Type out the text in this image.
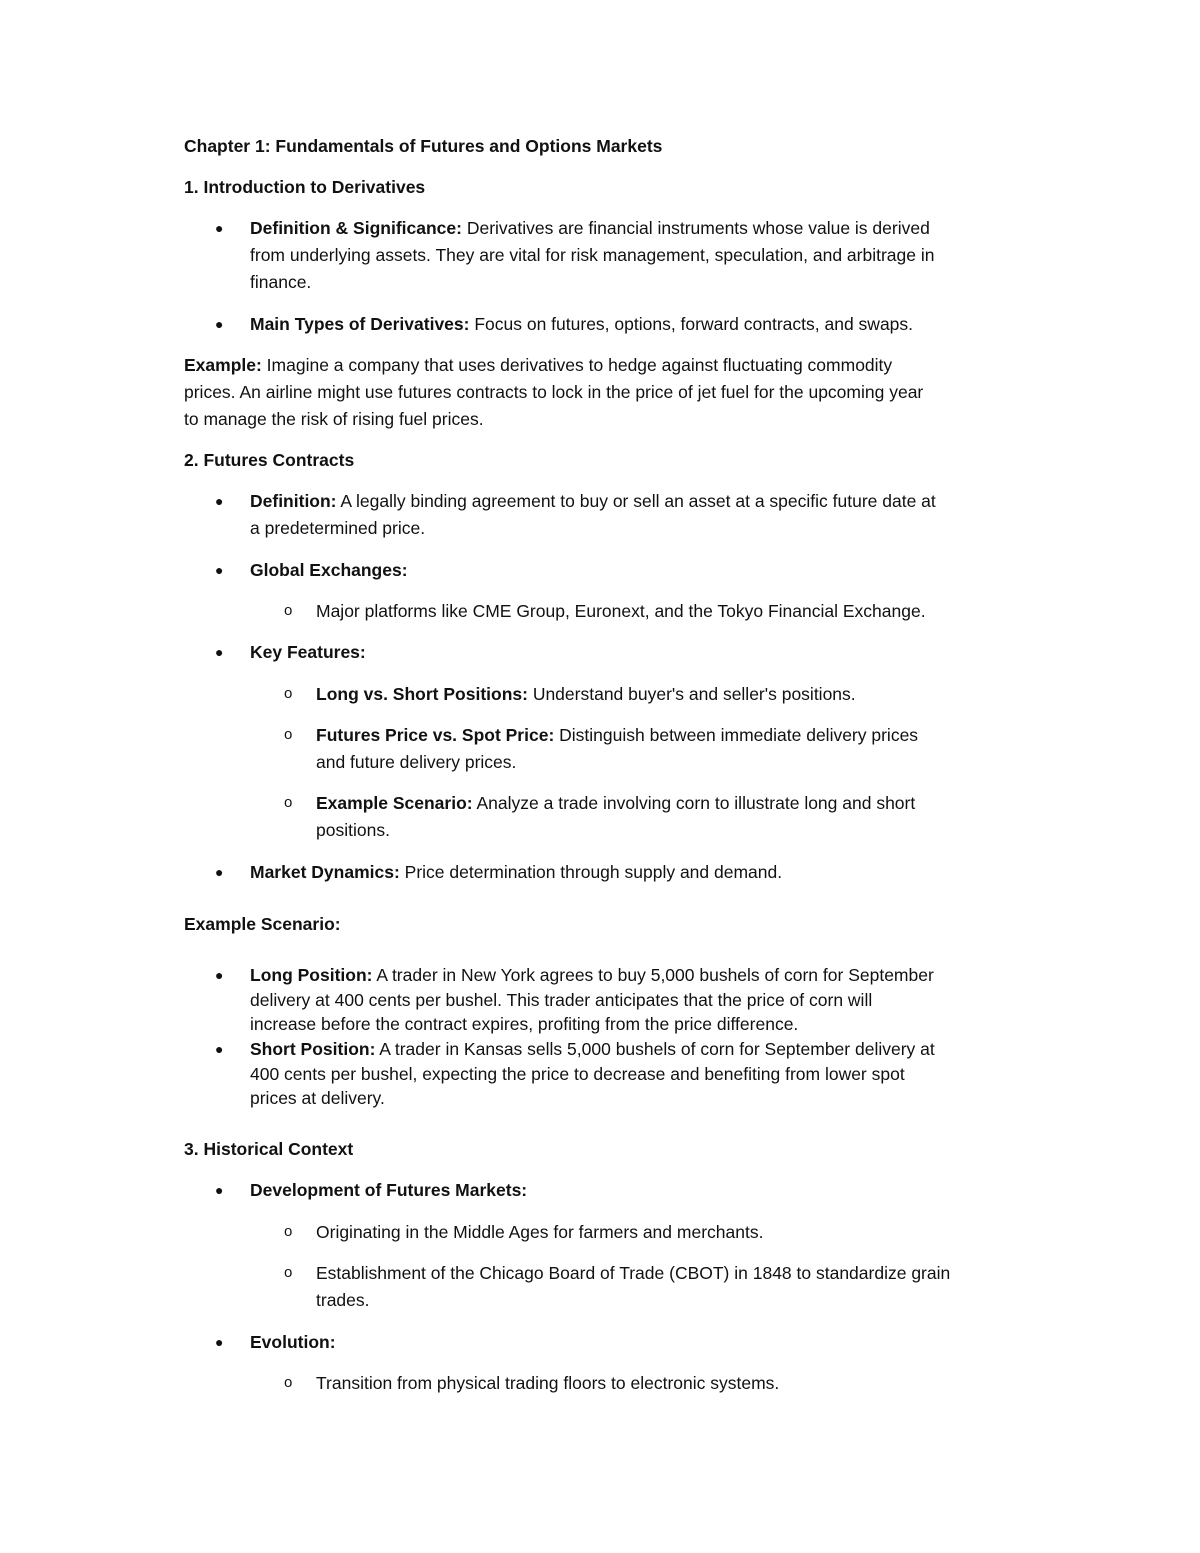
Chapter 1: Fundamentals of Futures and Options Markets
1. Introduction to Derivatives
● Definition & Significance: Derivatives are financial instruments whose value is derived
from underlying assets. They are vital for risk management, speculation, and arbitrage in
finance.
● Main Types of Derivatives: Focus on futures, options, forward contracts, and swaps.
Example: Imagine a company that uses derivatives to hedge against fluctuating commodity
prices. An airline might use futures contracts to lock in the price of jet fuel for the upcoming year
to manage the risk of rising fuel prices.
2. Futures Contracts
● Definition: A legally binding agreement to buy or sell an asset at a specific future date at
a predetermined price.
● Global Exchanges:
o Major platforms like CME Group, Euronext, and the Tokyo Financial Exchange.
● Key Features:
o Long vs. Short Positions: Understand buyer's and seller's positions.
o Futures Price vs. Spot Price: Distinguish between immediate delivery prices
and future delivery prices.
o Example Scenario: Analyze a trade involving corn to illustrate long and short
positions.
● Market Dynamics: Price determination through supply and demand.
Example Scenario:
● Long Position: A trader in New York agrees to buy 5,000 bushels of corn for September
delivery at 400 cents per bushel. This trader anticipates that the price of corn will
increase before the contract expires, profiting from the price difference.
● Short Position: A trader in Kansas sells 5,000 bushels of corn for September delivery at
400 cents per bushel, expecting the price to decrease and benefiting from lower spot
prices at delivery.
3. Historical Context
● Development of Futures Markets:
o Originating in the Middle Ages for farmers and merchants.
o Establishment of the Chicago Board of Trade (CBOT) in 1848 to standardize grain
trades.
● Evolution:
o Transition from physical trading floors to electronic systems.
